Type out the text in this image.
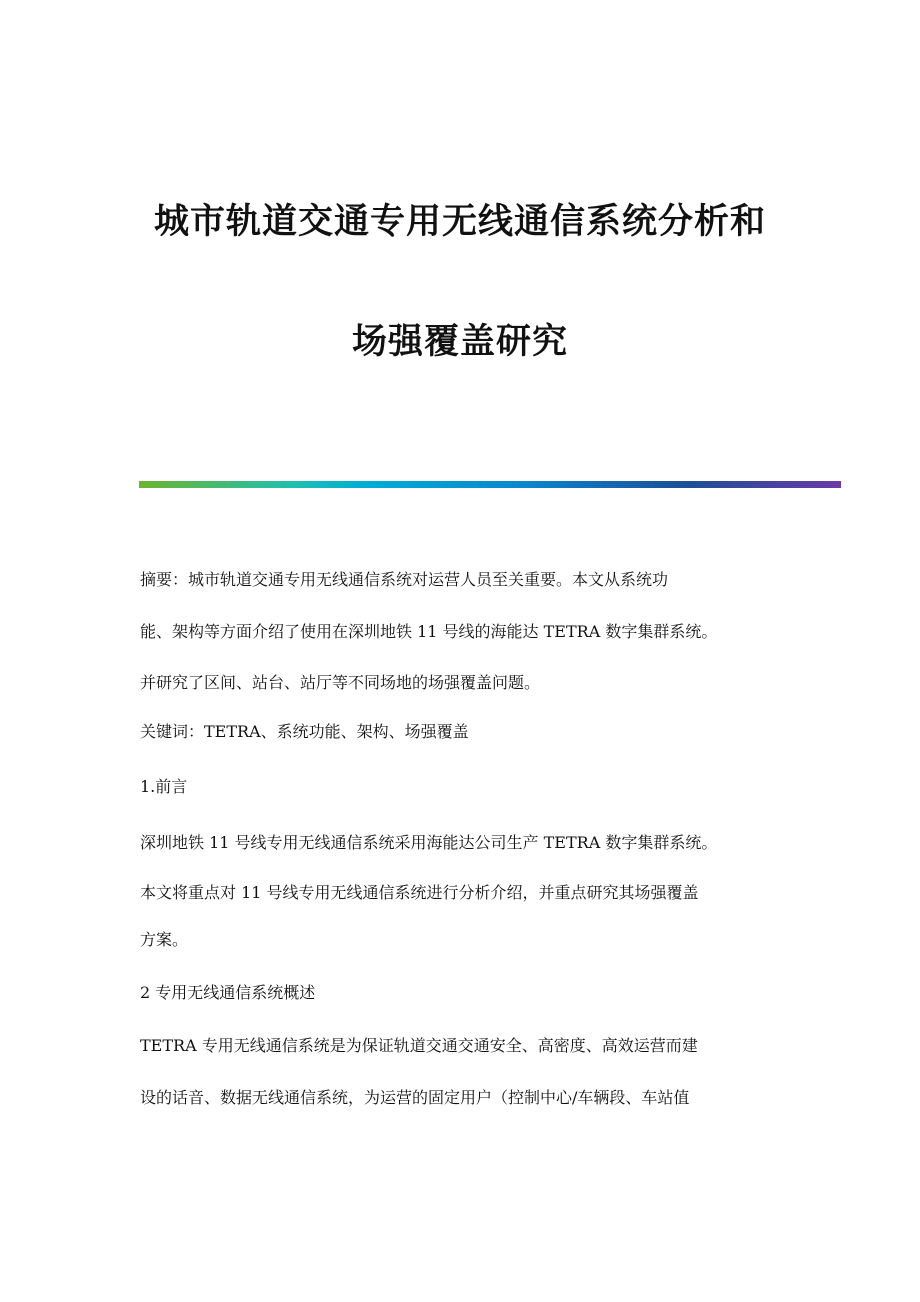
城市轨道交通专用无线通信系统分析和
场强覆盖研究
摘要：城市轨道交通专用无线通信系统对运营人员至关重要。本文从系统功
能、架构等方面介绍了使用在深圳地铁 11 号线的海能达 TETRA 数字集群系统。
并研究了区间、站台、站厅等不同场地的场强覆盖问题。
关键词：TETRA、系统功能、架构、场强覆盖
1.前言
深圳地铁 11 号线专用无线通信系统采用海能达公司生产 TETRA 数字集群系统。
本文将重点对 11 号线专用无线通信系统进行分析介绍，并重点研究其场强覆盖
方案。
2 专用无线通信系统概述
TETRA 专用无线通信系统是为保证轨道交通交通安全、高密度、高效运营而建
设的话音、数据无线通信系统，为运营的固定用户（控制中心/车辆段、车站值
